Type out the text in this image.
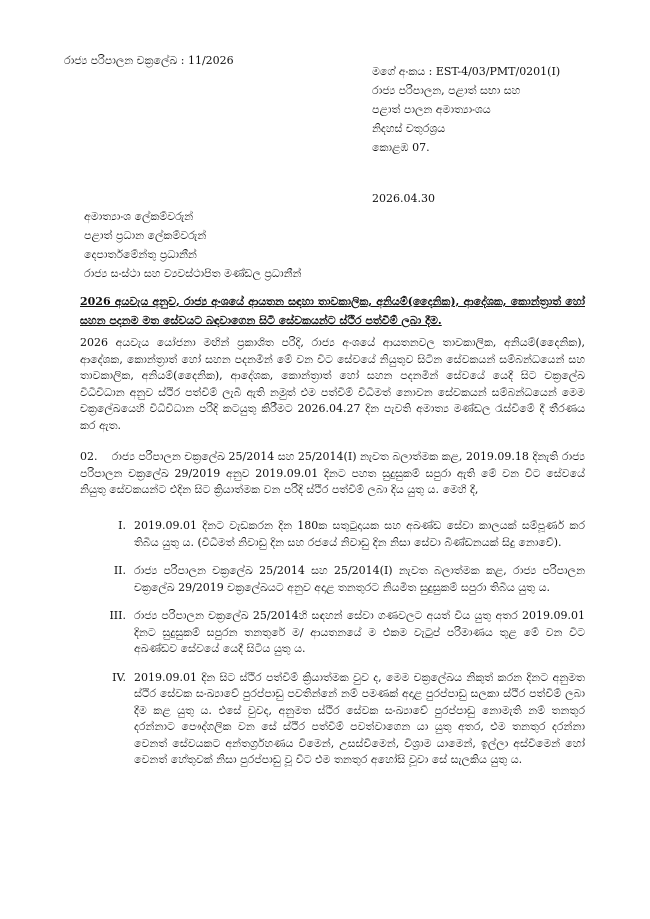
රාජ්‍ය පරිපාලන චක්‍රලේඛ : 11/2026
මගේ අංකය : EST-4/03/PMT/0201(I)
රාජ්‍ය පරිපාලන, පළාත් සභා සහ
පළාත් පාලන අමාත්‍යාංශය
නිදහස් චතුරශ්‍රය
කොළඹ 07.
2026.04.30
අමාත්‍යාංශ ලේකම්වරුන්
පළාත් ප්‍රධාන ලේකම්වරුන්
දෙපාර්තමේන්තු ප්‍රධානීන්
රාජ්‍ය සංස්ථා සහ ව්‍යවස්ථාපිත මණ්ඩල ප්‍රධානීන්
2026 අයවැය අනුව, රාජ්‍ය අංශයේ ආයතන සඳහා තාවකාලික, අනියම්(දෛනික), ආදේශක, කොන්ත්‍රාත් හෝ සහන පදනම මත සේවයට බඳවාගෙන සිටි සේවකයන්ට ස්ථිර පත්වීම් ලබා දීම.
2026 අයවැය යෝජනා මඟින් ප්‍රකාශිත පරිදි, රාජ්‍ය අංශයේ ආයතනවල තාවකාලික, අනියම්(දෛනික), ආදේශක, කොන්ත්‍රාත් හෝ සහන පදනමින් මේ වන විට සේවයේ නියුතුව සිටින සේවකයන් සම්බන්ධයෙන් සහ තාවකාලික, අනියම්(දෛනික), ආදේශක, කොන්ත්‍රාත් හෝ සහන පදනමින් සේවයේ යෙදී සිට චක්‍රලේඛ විධිවිධාන අනුව ස්ථිර පත්වීම් ලැබී ඇති නමුත් එම පත්වීම් විධිමත් නොවන සේවකයන් සම්බන්ධයෙන් මෙම චක්‍රලේඛයෙහි විධිවිධාන පරිදි කටයුතු කිරීමට 2026.04.27 දින පැවති අමාත්‍ය මණ්ඩල රැස්වීමේ දී තීරණය කර ඇත.
02. රාජ්‍ය පරිපාලන චක්‍රලේඛ 25/2014 සහ 25/2014(I) නැවත බලාත්මක කළ, 2019.09.18 දිනැති රාජ්‍ය පරිපාලන චක්‍රලේඛ 29/2019 අනුව 2019.09.01 දිනට පහත සුදුසුකම් සපුරා ඇති මේ වන විට සේවයේ නියුතු සේවකයන්ට එදින සිට ක්‍රියාත්මක වන පරිදි ස්ථිර පත්වීම් ලබා දිය යුතු ය. මෙහි දී,
I. 2019.09.01 දිනට වැඩකරන දින 180ක සතුටුදායක සහ අඛණ්ඩ සේවා කාලයක් සම්පූර්ණ කර තිබිය යුතු ය. (විධිමත් නිවාඩු දින සහ රජයේ නිවාඩු දින නිසා සේවා බිණ්ඩනයක් සිදු නොවේ).
II. රාජ්‍ය පරිපාලන චක්‍රලේඛ 25/2014 සහ 25/2014(I) නැවත බලාත්මක කළ, රාජ්‍ය පරිපාලන චක්‍රලේඛ 29/2019 චක්‍රලේඛයට අනුව අදාළ තනතුරට නියමිත සුදුසුකම් සපුරා තිබිය යුතු ය.
III. රාජ්‍ය පරිපාලන චක්‍රලේඛ 25/2014හි සඳහන් සේවා ගණවලට අයත් විය යුතු අතර 2019.09.01 දිනට සුදුසුකම් සපුරන තනතුරේ ම/ ආයතනයේ ම එකම වැටුප් පරිමාණය තුළ මේ වන විට අඛණ්ඩව සේවයේ යෙදී සිටිය යුතු ය.
IV. 2019.09.01 දින සිට ස්ථිර පත්වීම් ක්‍රියාත්මක වුව ද, මෙම චක්‍රලේඛය නිකුත් කරන දිනට අනුමත ස්ථිර සේවක සංඛ්‍යාවේ පුරප්පාඩු පවතින්නේ නම් පමණක් අදාළ පුරප්පාඩු සලකා ස්ථිර පත්වීම් ලබා දීම කළ යුතු ය. එසේ වුවද, අනුමත ස්ථිර සේවක සංඛ්‍යාවේ පුරප්පාඩු නොමැති නම් තනතුර දරන්නාට පෞද්ගලික වන සේ ස්ථිර පත්වීම් පවත්වාගෙන යා යුතු අතර, එම තනතුර දරන්නා වෙනත් සේවයකට අන්තර්ග්‍රහණය වීමෙන්, උසස්වීමෙන්, විශ්‍රාම යාමෙන්, ඉල්ලා අස්වීමෙන් හෝ වෙනත් හේතුවක් නිසා පුරප්පාඩු වූ විට එම තනතුර අහෝසි වූවා සේ සැලකිය යුතු ය.
